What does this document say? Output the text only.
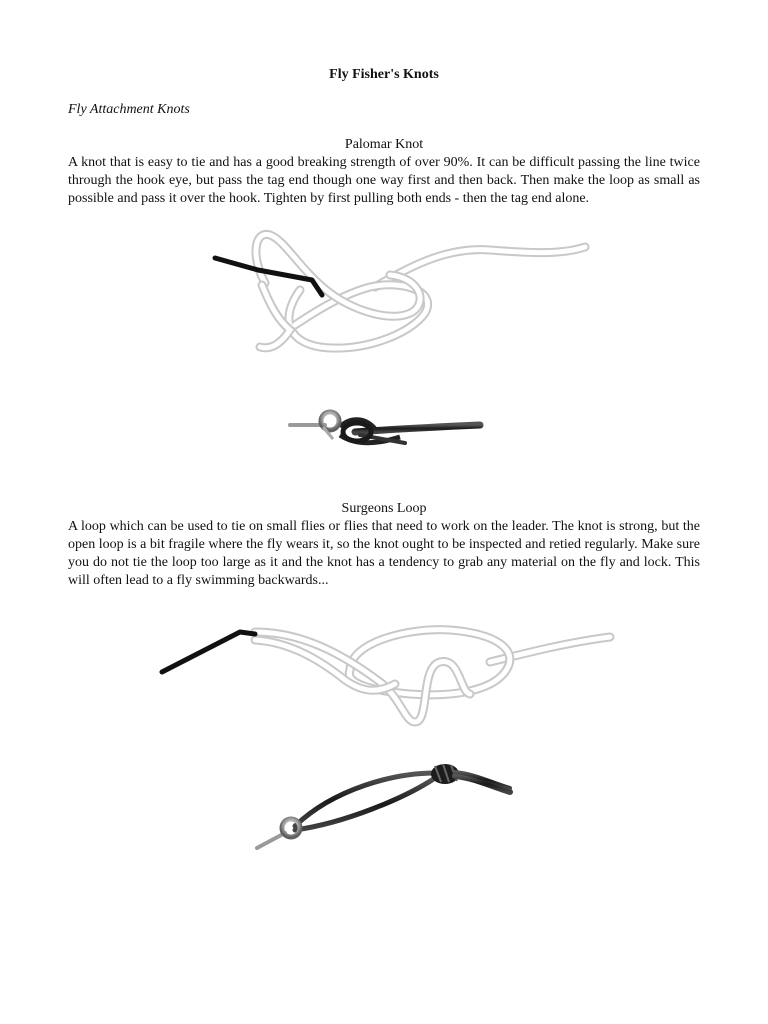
Fly Fisher's Knots
Fly Attachment Knots
Palomar Knot
A knot that is easy to tie and has a good breaking strength of over 90%. It can be difficult passing the line twice through the hook eye, but pass the tag end though one way first and then back. Then make the loop as small as possible and pass it over the hook. Tighten by first pulling both ends - then the tag end alone.
Surgeons Loop
A loop which can be used to tie on small flies or flies that need to work on the leader. The knot is strong, but the open loop is a bit fragile where the fly wears it, so the knot ought to be inspected and retied regularly. Make sure you do not tie the loop too large as it and the knot has a tendency to grab any material on the fly and lock. This will often lead to a fly swimming backwards...
